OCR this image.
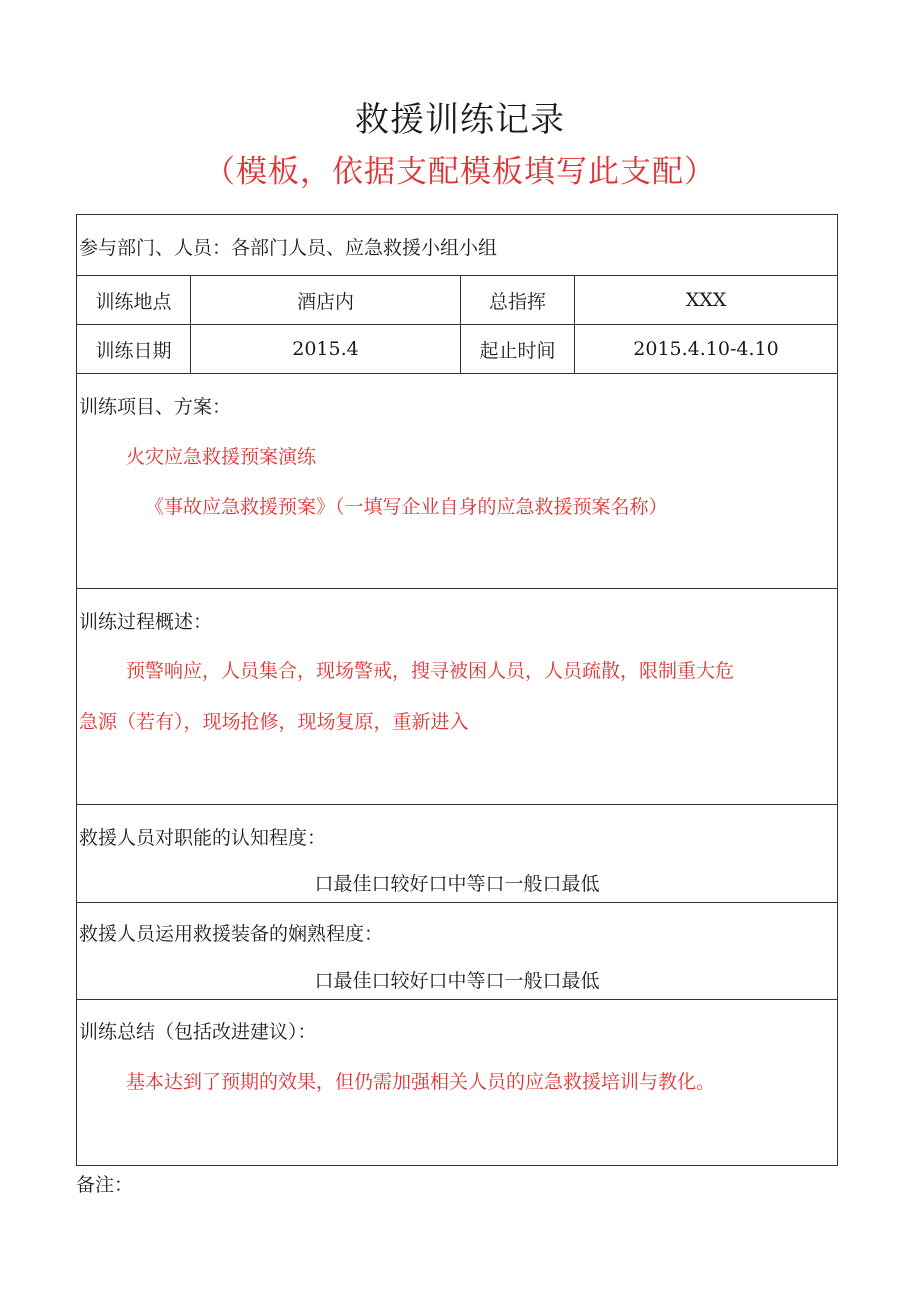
救援训练记录
（模板，依据支配模板填写此支配）
参与部门、人员：各部门人员、应急救援小组小组
训练地点	酒店内	总指挥	XXX
训练日期	2015.4	起止时间	2015.4.10-4.10
训练项目、方案：
火灾应急救援预案演练
《事故应急救援预案》（一填写企业自身的应急救援预案名称）
训练过程概述：
预警响应，人员集合，现场警戒，搜寻被困人员，人员疏散，限制重大危
急源（若有），现场抢修，现场复原，重新进入
救援人员对职能的认知程度：
口最佳口较好口中等口一般口最低
救援人员运用救援装备的娴熟程度：
口最佳口较好口中等口一般口最低
训练总结（包括改进建议）：
基本达到了预期的效果，但仍需加强相关人员的应急救援培训与教化。
备注：
